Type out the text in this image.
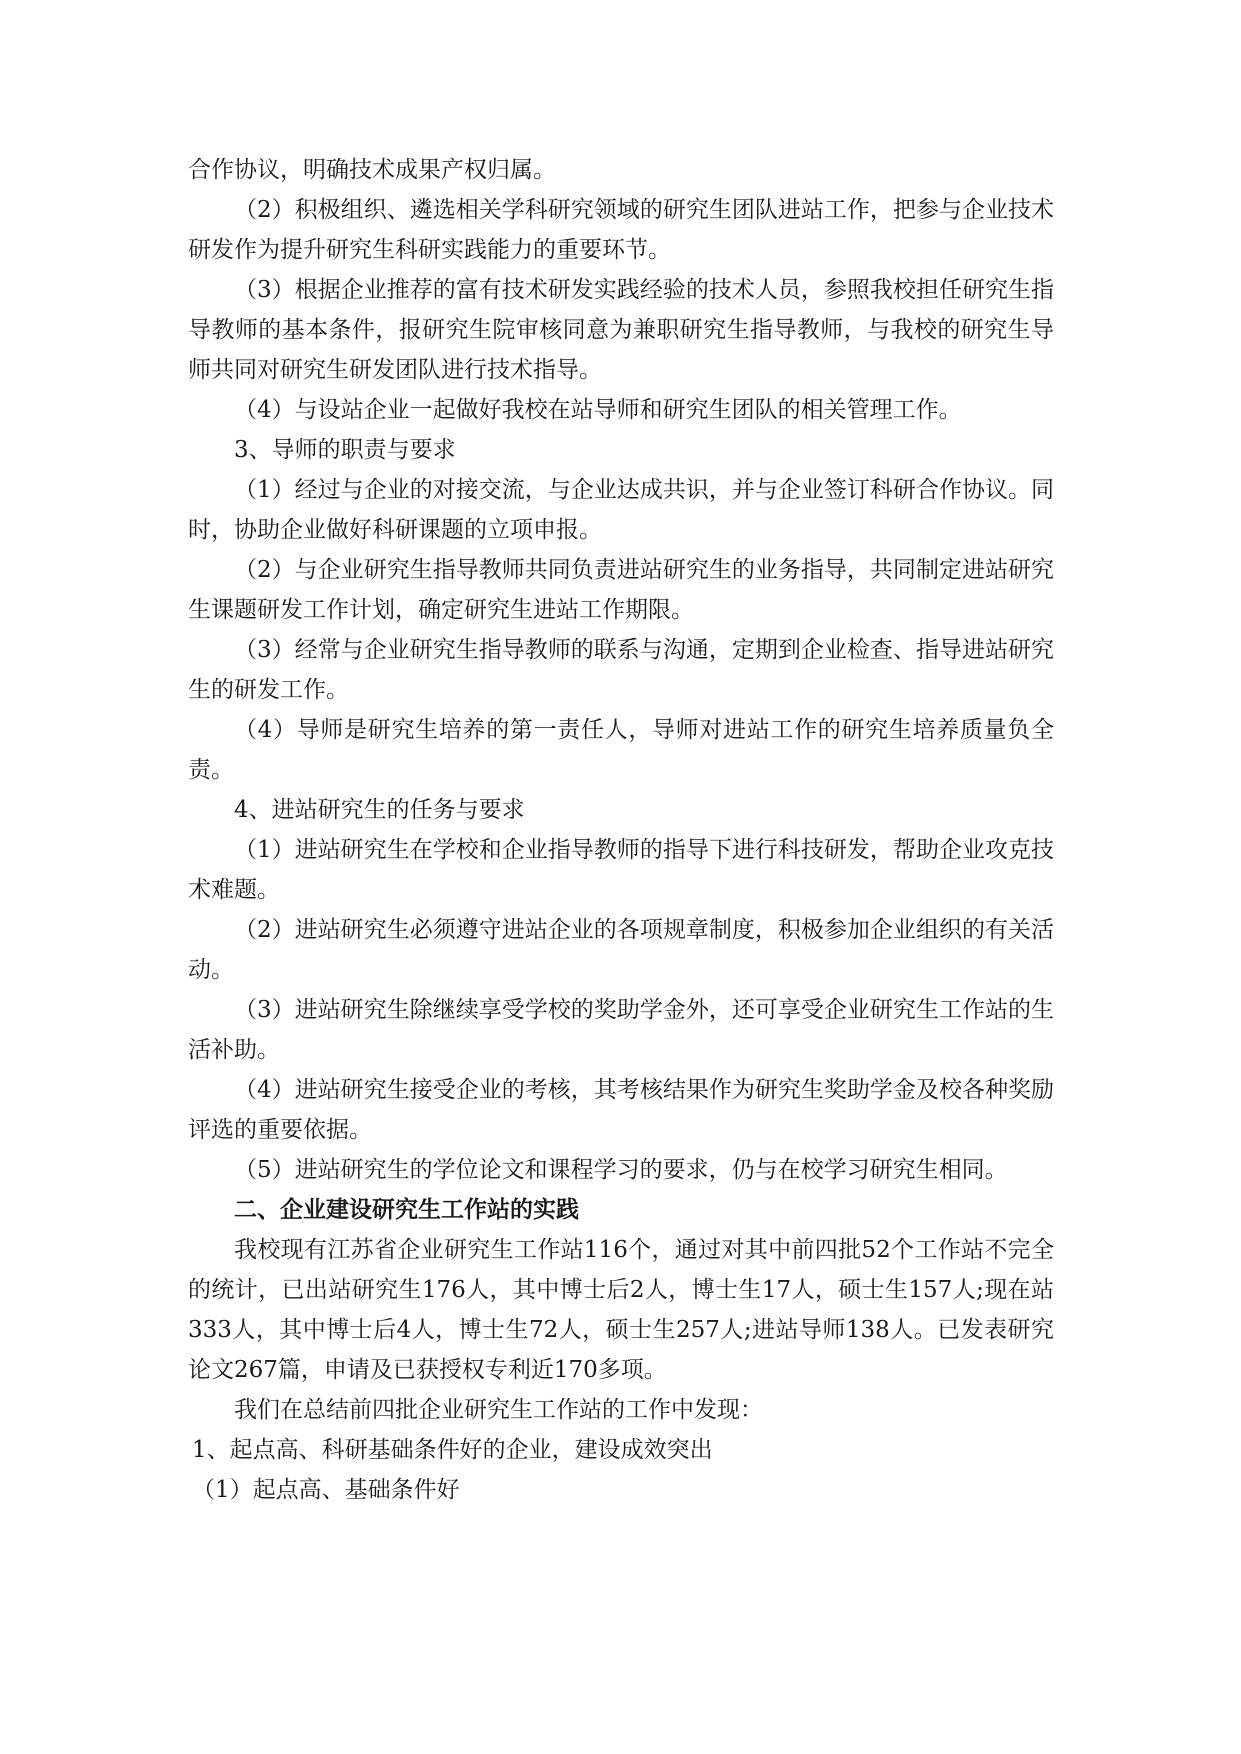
合作协议，明确技术成果产权归属。

（2）积极组织、遴选相关学科研究领域的研究生团队进站工作，把参与企业技术研发作为提升研究生科研实践能力的重要环节。

（3）根据企业推荐的富有技术研发实践经验的技术人员，参照我校担任研究生指导教师的基本条件，报研究生院审核同意为兼职研究生指导教师，与我校的研究生导师共同对研究生研发团队进行技术指导。

（4）与设站企业一起做好我校在站导师和研究生团队的相关管理工作。

3、导师的职责与要求

（1）经过与企业的对接交流，与企业达成共识，并与企业签订科研合作协议。同时，协助企业做好科研课题的立项申报。

（2）与企业研究生指导教师共同负责进站研究生的业务指导，共同制定进站研究生课题研发工作计划，确定研究生进站工作期限。

（3）经常与企业研究生指导教师的联系与沟通，定期到企业检查、指导进站研究生的研发工作。

（4）导师是研究生培养的第一责任人，导师对进站工作的研究生培养质量负全责。

4、进站研究生的任务与要求

（1）进站研究生在学校和企业指导教师的指导下进行科技研发，帮助企业攻克技术难题。

（2）进站研究生必须遵守进站企业的各项规章制度，积极参加企业组织的有关活动。

（3）进站研究生除继续享受学校的奖助学金外，还可享受企业研究生工作站的生活补助。

（4）进站研究生接受企业的考核，其考核结果作为研究生奖助学金及校各种奖励评选的重要依据。

（5）进站研究生的学位论文和课程学习的要求，仍与在校学习研究生相同。

二、企业建设研究生工作站的实践

我校现有江苏省企业研究生工作站116个，通过对其中前四批52个工作站不完全的统计，已出站研究生176人，其中博士后2人，博士生17人，硕士生157人;现在站333人，其中博士后4人，博士生72人，硕士生257人;进站导师138人。已发表研究论文267篇，申请及已获授权专利近170多项。

我们在总结前四批企业研究生工作站的工作中发现：

1、起点高、科研基础条件好的企业，建设成效突出

（1）起点高、基础条件好
